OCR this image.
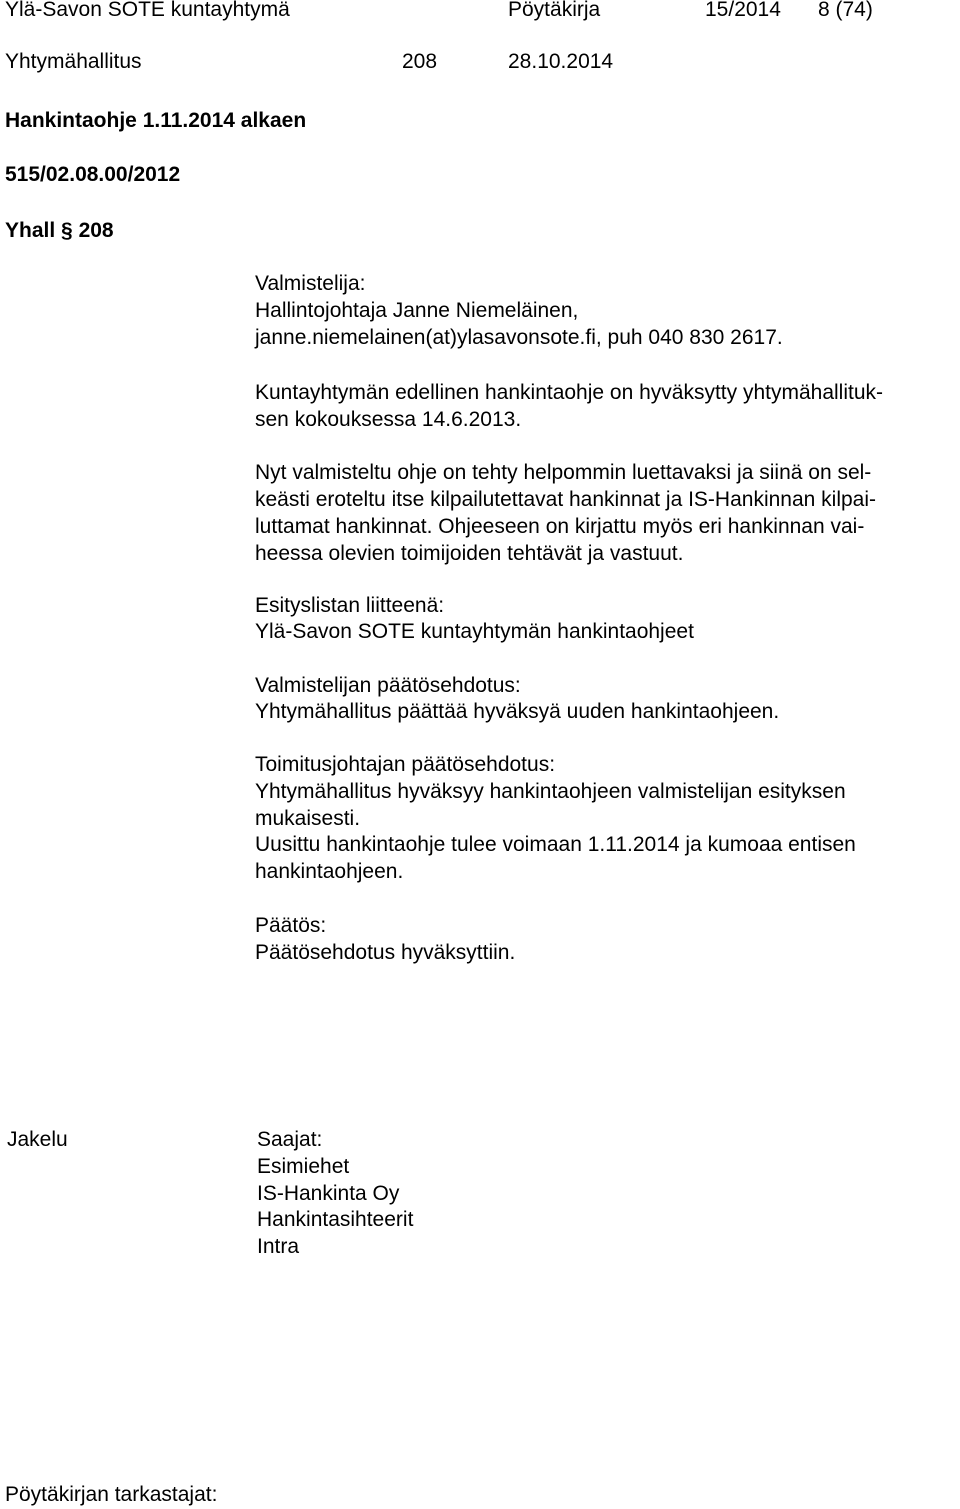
Ylä-Savon SOTE kuntayhtymä	Pöytäkirja	15/2014 8 (74)
Yhtymähallitus	208	28.10.2014
Hankintaohje 1.11.2014 alkaen
515/02.08.00/2012
Yhall § 208
Valmistelija:
Hallintojohtaja Janne Niemeläinen,
janne.niemelainen(at)ylasavonsote.fi, puh 040 830 2617.
Kuntayhtymän edellinen hankintaohje on hyväksytty yhtymähallituk-
sen kokouksessa 14.6.2013.
Nyt valmisteltu ohje on tehty helpommin luettavaksi ja siinä on sel-
keästi eroteltu itse kilpailutettavat hankinnat ja IS-Hankinnan kilpai-
luttamat hankinnat. Ohjeeseen on kirjattu myös eri hankinnan vai-
heessa olevien toimijoiden tehtävät ja vastuut.
Esityslistan liitteenä:
Ylä-Savon SOTE kuntayhtymän hankintaohjeet
Valmistelijan päätösehdotus:
Yhtymähallitus päättää hyväksyä uuden hankintaohjeen.
Toimitusjohtajan päätösehdotus:
Yhtymähallitus hyväksyy hankintaohjeen valmistelijan esityksen
mukaisesti.
Uusittu hankintaohje tulee voimaan 1.11.2014 ja kumoaa entisen
hankintaohjeen.
Päätös:
Päätösehdotus hyväksyttiin.
Jakelu	Saajat:
Esimiehet
IS-Hankinta Oy
Hankintasihteerit
Intra
Pöytäkirjan tarkastajat:
